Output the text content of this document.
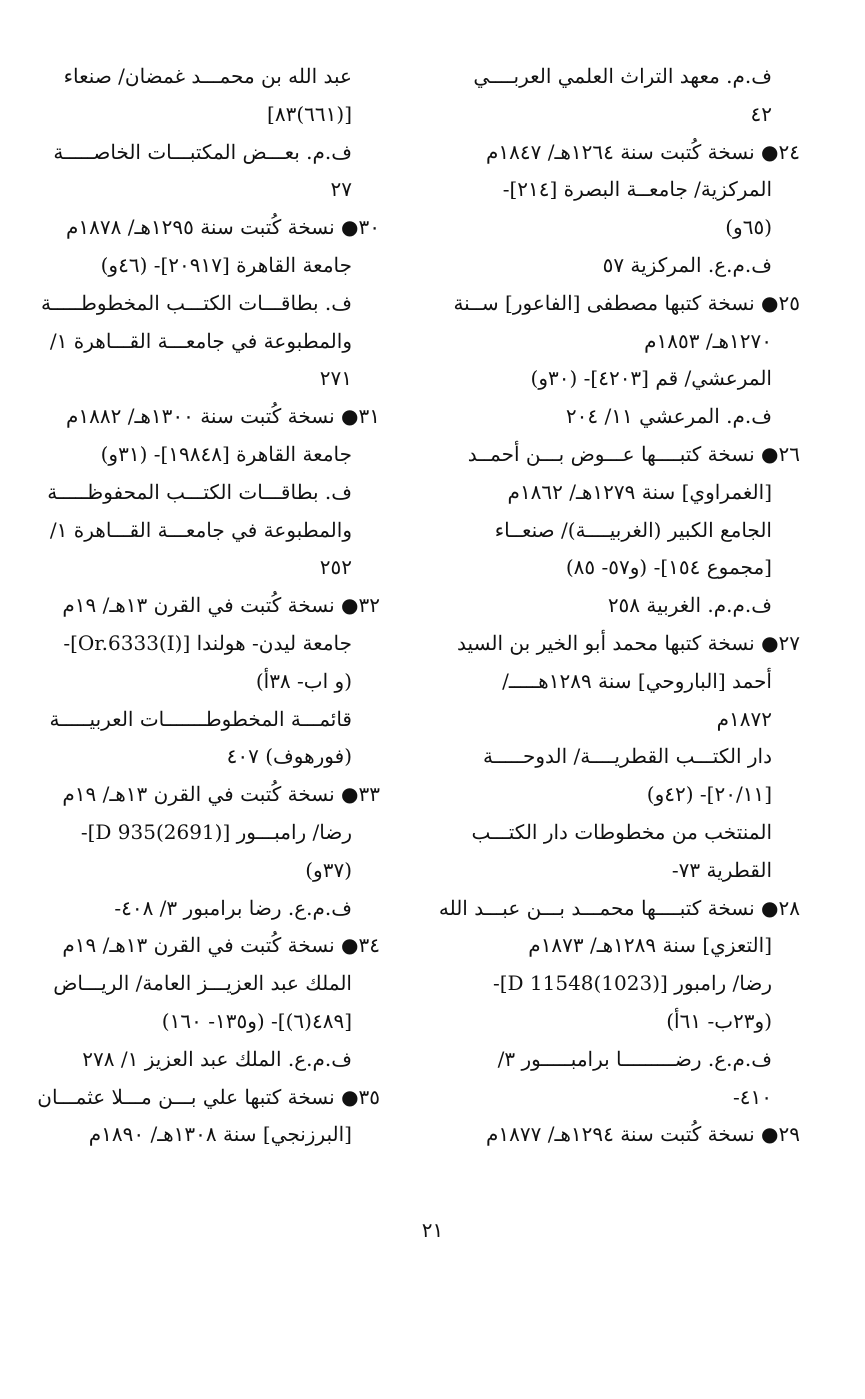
ف.م. معهد التراث العلمي العربــــي
٤٢
٢٤● نسخة كُتبت سنة ١٢٦٤هـ/ ١٨٤٧م
المركزية/ جامعــة البصرة [٢١٤]-
(٦٥و)
ف.م.ع. المركزية ٥٧
٢٥● نسخة كتبها مصطفى [الفاعور] ســنة
١٢٧٠هـ/ ١٨٥٣م
المرعشي/ قم [٤٢٠٣]- (٣٠و)
ف.م. المرعشي ١١/ ٢٠٤
٢٦● نسخة كتبــــها عـــوض بـــن أحمــد
[الغمراوي] سنة ١٢٧٩هـ/ ١٨٦٢م
الجامع الكبير (الغربيــــة)/ صنعــاء
[مجموع ١٥٤]- (و٥٧- ٨٥)
ف.م.م. الغربية ٢٥٨
٢٧● نسخة كتبها محمد أبو الخير بن السيد
أحمد [الباروحي] سنة ١٢٨٩هـــــ/
١٨٧٢م
دار الكتـــب القطريــــة/ الدوحـــــة
[٢٠/١١]- (٤٢و)
المنتخب من مخطوطات دار الكتـــب
القطرية ٧٣-
٢٨● نسخة كتبــــها محمـــد بـــن عبـــد الله
[التعزي] سنة ١٢٨٩هـ/ ١٨٧٣م
رضا/ رامبور [D 11548(1023)]-
(و٢٣ب- ٦١أ)
ف.م.ع. رضـــــــــا برامبـــــور ٣/
٤١٠-
٢٩● نسخة كُتبت سنة ١٢٩٤هـ/ ١٨٧٧م
عبد الله بن محمـــد غمضان/ صنعاء
[(٦٦١)٨٣]
ف.م. بعـــض المكتبـــات الخاصـــــة
٢٧
٣٠● نسخة كُتبت سنة ١٢٩٥هـ/ ١٨٧٨م
جامعة القاهرة [٢٠٩١٧]- (٤٦و)
ف. بطاقـــات الكتـــب المخطوطـــــة
والمطبوعة في جامعـــة القـــاهرة ١/
٢٧١
٣١● نسخة كُتبت سنة ١٣٠٠هـ/ ١٨٨٢م
جامعة القاهرة [١٩٨٤٨]- (٣١و)
ف. بطاقـــات الكتـــب المحفوظـــــة
والمطبوعة في جامعـــة القـــاهرة ١/
٢٥٢
٣٢● نسخة كُتبت في القرن ١٣هـ/ ١٩م
جامعة ليدن- هولندا [Or.6333(I)]-
(و اب- ٣٨أ)
قائمـــة المخطوطـــــــات العربيـــــة
(فورهوف) ٤٠٧
٣٣● نسخة كُتبت في القرن ١٣هـ/ ١٩م
رضا/ رامبـــور [D 935(2691)]-
(٣٧و)
ف.م.ع. رضا برامبور ٣/ ٤٠٨-
٣٤● نسخة كُتبت في القرن ١٣هـ/ ١٩م
الملك عبد العزيـــز العامة/ الريـــاض
[٤٨٩(٦)]- (و١٣٥- ١٦٠)
ف.م.ع. الملك عبد العزيز ١/ ٢٧٨
٣٥● نسخة كتبها علي بـــن مـــلا عثمـــان
[البرزنجي] سنة ١٣٠٨هـ/ ١٨٩٠م
٢١
